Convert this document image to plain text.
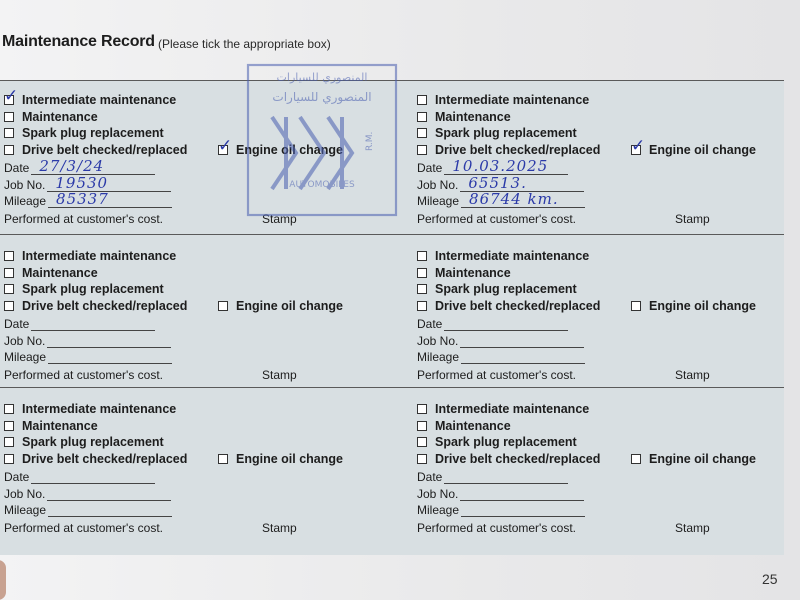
Maintenance Record (Please tick the appropriate box)
✓ Intermediate maintenance
Maintenance
Spark plug replacement
Drive belt checked/replaced ✓ Engine oil change
Date 27/3/24
Job No. 19530
Mileage 85337
Performed at customer's cost.	Stamp
Intermediate maintenance
Maintenance
Spark plug replacement
Drive belt checked/replaced ✓ Engine oil change
Date 10.03.2025
Job No. 65513.
Mileage 86744 km.
Performed at customer's cost.	Stamp
Intermediate maintenance
Maintenance
Spark plug replacement
Drive belt checked/replaced	Engine oil change
Date
Job No.
Mileage
Performed at customer's cost.	Stamp
Intermediate maintenance
Maintenance
Spark plug replacement
Drive belt checked/replaced	Engine oil change
Date
Job No.
Mileage
Performed at customer's cost.	Stamp
Intermediate maintenance
Maintenance
Spark plug replacement
Drive belt checked/replaced	Engine oil change
Date
Job No.
Mileage
Performed at customer's cost.	Stamp
Intermediate maintenance
Maintenance
Spark plug replacement
Drive belt checked/replaced	Engine oil change
Date
Job No.
Mileage
Performed at customer's cost.	Stamp
المنصوري للسيارات
المنصوري للسيارات
R.M.
AUTOMOBILES
25
